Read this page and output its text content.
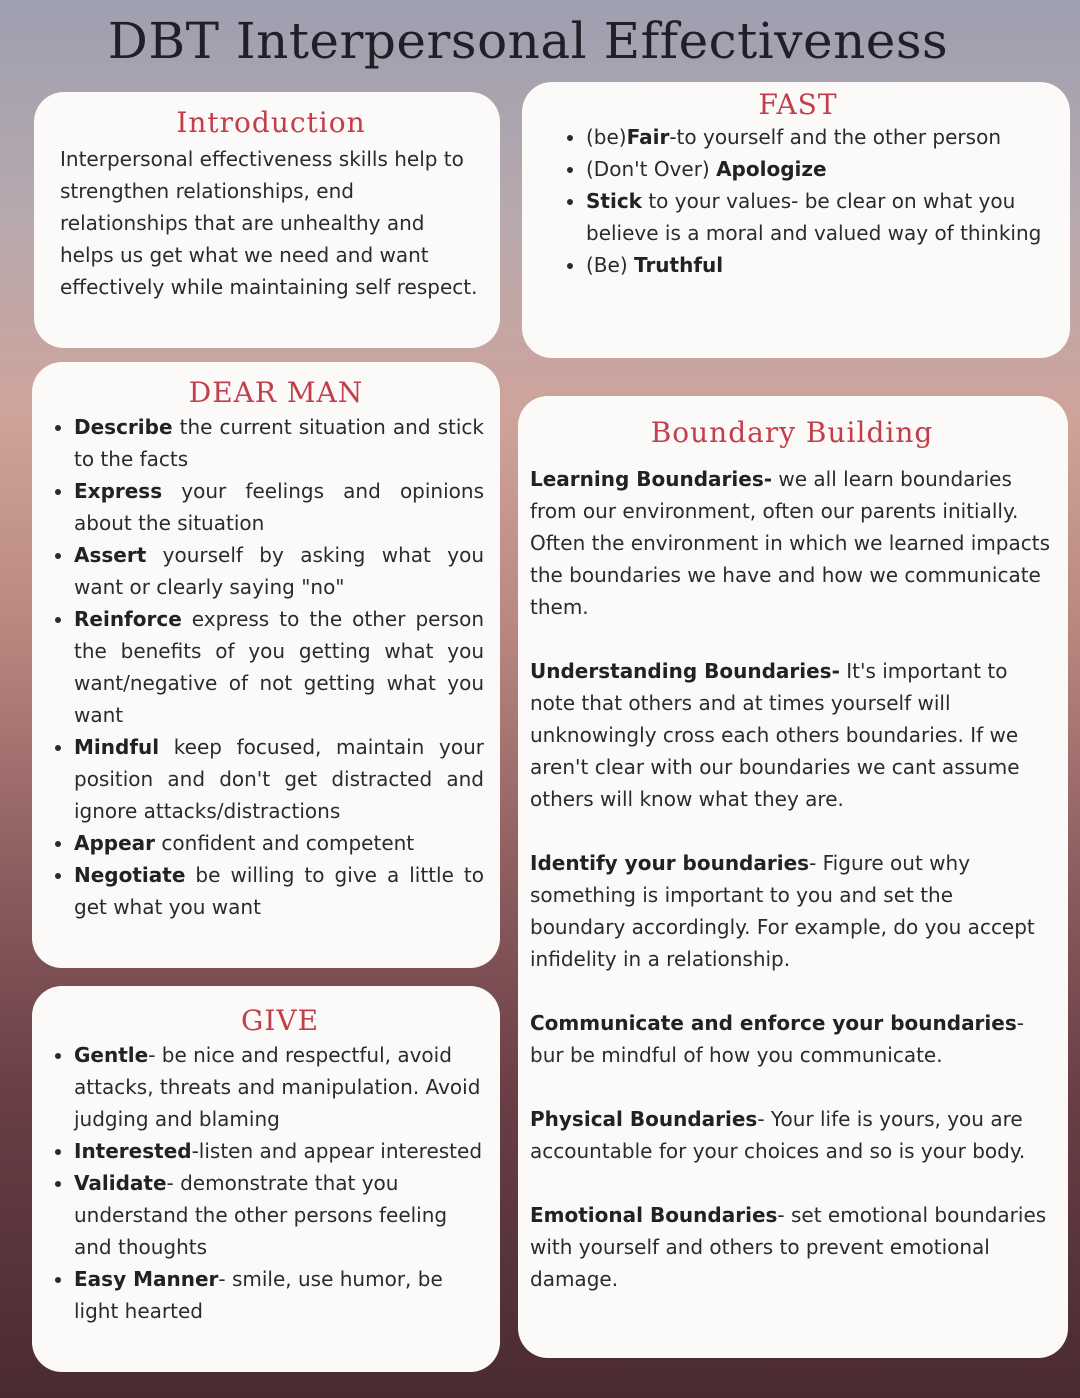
DBT Interpersonal Effectiveness
Introduction

Interpersonal effectiveness skills help to strengthen relationships, end relationships that are unhealthy and helps us get what we need and want effectively while maintaining self respect.

FAST
• (be)Fair-to yourself and the other person
• (Don't Over) Apologize
• Stick to your values- be clear on what you believe is a moral and valued way of thinking
• (Be) Truthful
DEAR MAN
• Describe the current situation and stick to the facts
• Express your feelings and opinions about the situation
• Assert yourself by asking what you want or clearly saying "no"
• Reinforce express to the other person the benefits of you getting what you want/negative of not getting what you want
• Mindful keep focused, maintain your position and don't get distracted and ignore attacks/distractions
• Appear confident and competent
• Negotiate be willing to give a little to get what you want
Boundary Building

Learning Boundaries- we all learn boundaries from our environment, often our parents initially. Often the environment in which we learned impacts the boundaries we have and how we communicate them.

Understanding Boundaries- It's important to note that others and at times yourself will unknowingly cross each others boundaries. If we aren't clear with our boundaries we cant assume others will know what they are.

Identify your boundaries- Figure out why something is important to you and set the boundary accordingly. For example, do you accept infidelity in a relationship.

Communicate and enforce your boundaries- bur be mindful of how you communicate.

Physical Boundaries- Your life is yours, you are accountable for your choices and so is your body.

Emotional Boundaries- set emotional boundaries with yourself and others to prevent emotional damage.

GIVE
• Gentle- be nice and respectful, avoid attacks, threats and manipulation. Avoid judging and blaming
• Interested-listen and appear interested
• Validate- demonstrate that you understand the other persons feeling and thoughts
• Easy Manner- smile, use humor, be light hearted
